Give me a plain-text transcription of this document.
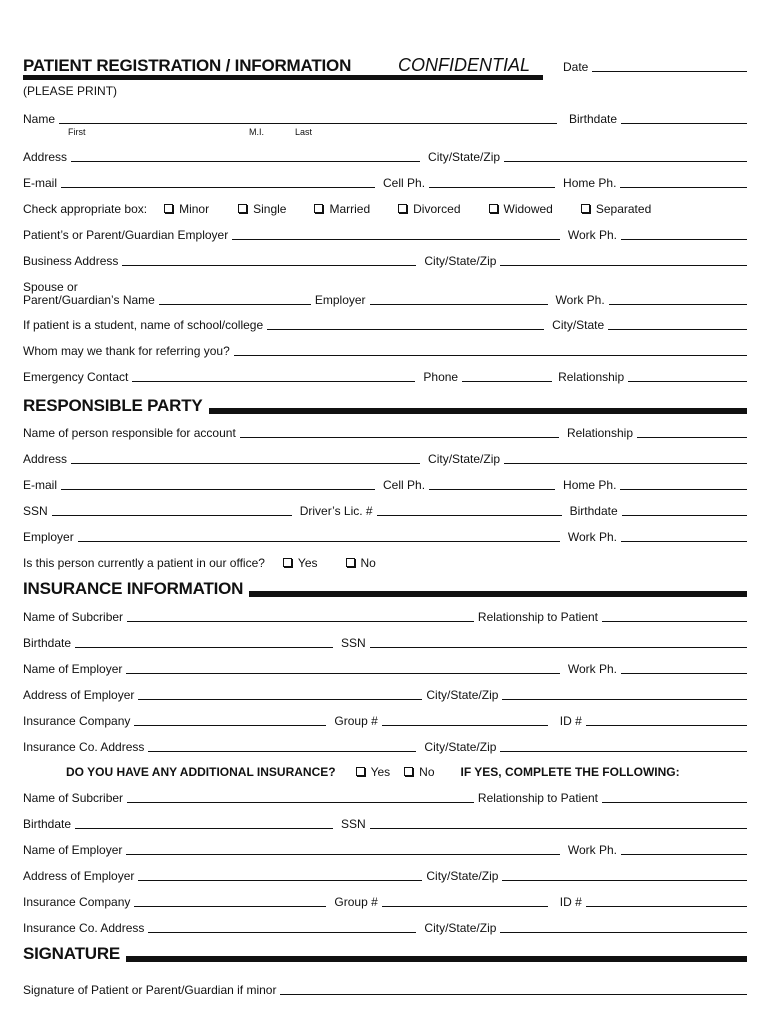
PATIENT REGISTRATION / INFORMATION	CONFIDENTIAL	Date
(PLEASE PRINT)
Name	Birthdate
First	M.I.	Last
Address	City/State/Zip
E-mail	Cell Ph.	Home Ph.
Check appropriate box:	Minor	Single	Married	Divorced	Widowed	Separated
Patient’s or Parent/Guardian Employer	Work Ph.
Business Address	City/State/Zip
Spouse or
Parent/Guardian’s Name	Employer	Work Ph.
If patient is a student, name of school/college	City/State
Whom may we thank for referring you?
Emergency Contact	Phone	Relationship
RESPONSIBLE PARTY
Name of person responsible for account	Relationship
Address	City/State/Zip
E-mail	Cell Ph.	Home Ph.
SSN	Driver’s Lic. #	Birthdate
Employer	Work Ph.
Is this person currently a patient in our office?	Yes	No
INSURANCE INFORMATION
Name of Subcriber	Relationship to Patient
Birthdate	SSN
Name of Employer	Work Ph.
Address of Employer	City/State/Zip
Insurance Company	Group #	ID #
Insurance Co. Address	City/State/Zip
DO YOU HAVE ANY ADDITIONAL INSURANCE?	Yes No IF YES, COMPLETE THE FOLLOWING:
Name of Subcriber	Relationship to Patient
Birthdate	SSN
Name of Employer	Work Ph.
Address of Employer	City/State/Zip
Insurance Company	Group #	ID #
Insurance Co. Address	City/State/Zip
SIGNATURE
Signature of Patient or Parent/Guardian if minor
